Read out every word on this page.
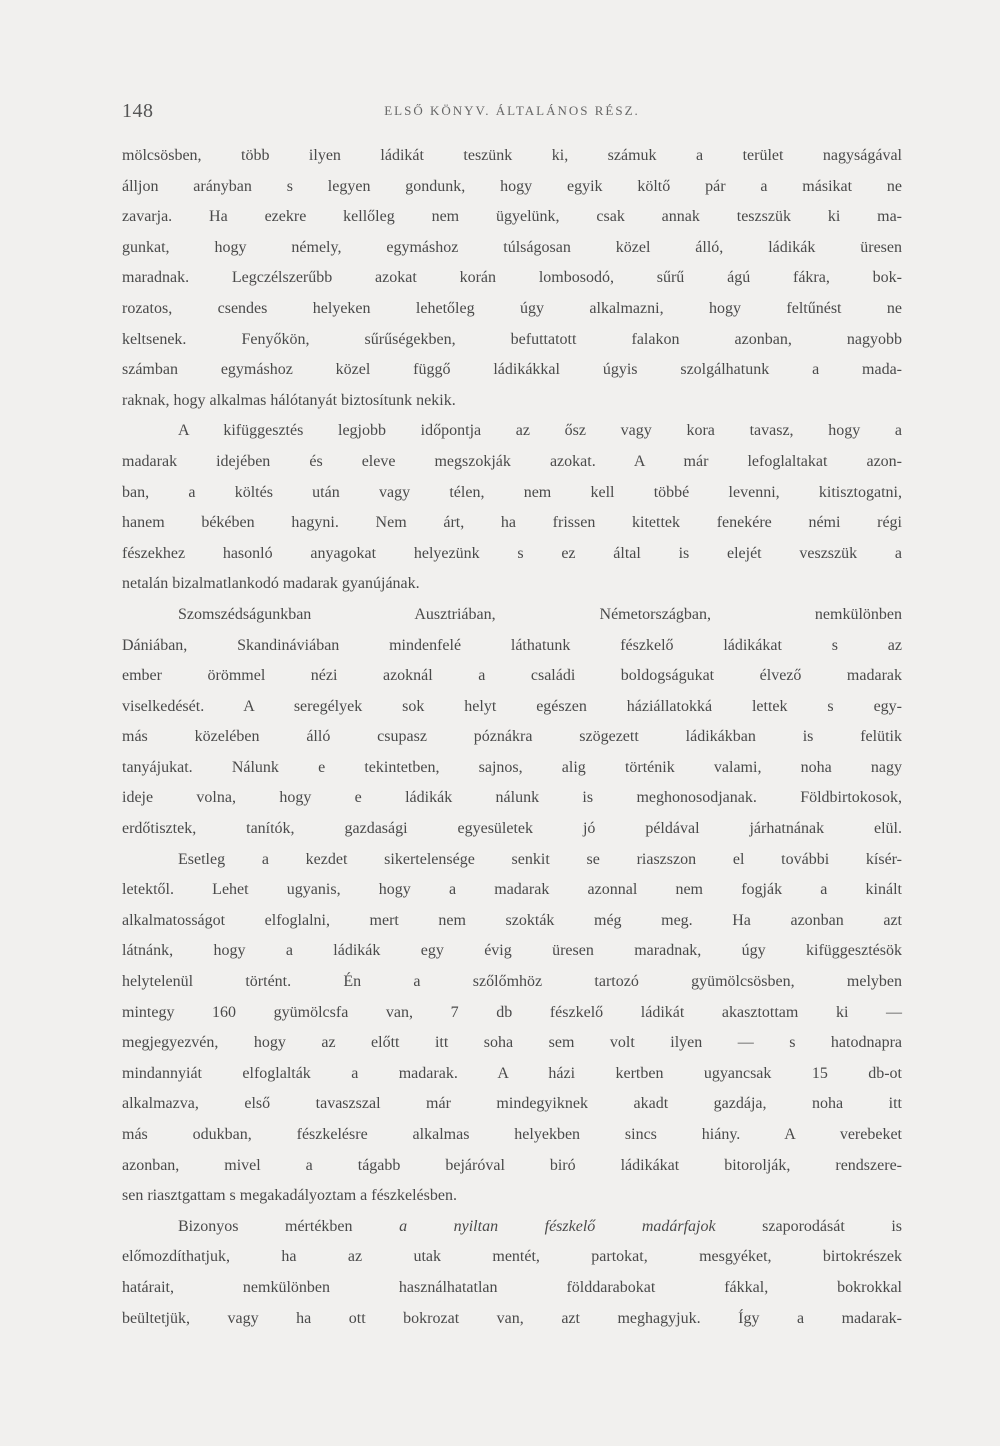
148	ELSŐ KÖNYV. ÁLTALÁNOS RÉSZ.
mölcsösben, több ilyen ládikát teszünk ki, számuk a terület nagyságával
álljon arányban s legyen gondunk, hogy egyik költő pár a másikat ne
zavarja. Ha ezekre kellőleg nem ügyelünk, csak annak teszszük ki ma-
gunkat, hogy némely, egymáshoz túlságosan közel álló, ládikák üresen
maradnak. Legczélszerűbb azokat korán lombosodó, sűrű ágú fákra, bok-
rozatos, csendes helyeken lehetőleg úgy alkalmazni, hogy feltűnést ne
keltsenek. Fenyőkön, sűrűségekben, befuttatott falakon azonban, nagyobb
számban egymáshoz közel függő ládikákkal úgyis szolgálhatunk a mada-
raknak, hogy alkalmas hálótanyát biztosítunk nekik.
A kifüggesztés legjobb időpontja az ősz vagy kora tavasz, hogy a
madarak idejében és eleve megszokják azokat. A már lefoglaltakat azon-
ban, a költés után vagy télen, nem kell többé levenni, kitisztogatni,
hanem békében hagyni. Nem árt, ha frissen kitettek fenekére némi régi
fészekhez hasonló anyagokat helyezünk s ez által is elejét veszszük a
netalán bizalmatlankodó madarak gyanújának.
Szomszédságunkban Ausztriában, Németországban, nemkülönben
Dániában, Skandináviában mindenfelé láthatunk fészkelő ládikákat s az
ember örömmel nézi azoknál a családi boldogságukat élvező madarak
viselkedését. A seregélyek sok helyt egészen háziállatokká lettek s egy-
más közelében álló csupasz póznákra szögezett ládikákban is felütik
tanyájukat. Nálunk e tekintetben, sajnos, alig történik valami, noha nagy
ideje volna, hogy e ládikák nálunk is meghonosodjanak. Földbirtokosok,
erdőtisztek, tanítók, gazdasági egyesületek jó példával járhatnának elül.
Esetleg a kezdet sikertelensége senkit se riaszszon el további kísér-
letektől. Lehet ugyanis, hogy a madarak azonnal nem fogják a kinált
alkalmatosságot elfoglalni, mert nem szokták még meg. Ha azonban azt
látnánk, hogy a ládikák egy évig üresen maradnak, úgy kifüggesztésök
helytelenül történt. Én a szőlőmhöz tartozó gyümölcsösben, melyben
mintegy 160 gyümölcsfa van, 7 db fészkelő ládikát akasztottam ki —
megjegyezvén, hogy az előtt itt soha sem volt ilyen — s hatodnapra
mindannyiát elfoglalták a madarak. A házi kertben ugyancsak 15 db-ot
alkalmazva, első tavaszszal már mindegyiknek akadt gazdája, noha itt
más odukban, fészkelésre alkalmas helyekben sincs hiány. A verebeket
azonban, mivel a tágabb bejáróval biró ládikákat bitorolják, rendszere-
sen riasztgattam s megakadályoztam a fészkelésben.
Bizonyos mértékben a nyiltan fészkelő madárfajok szaporodását is
előmozdíthatjuk, ha az utak mentét, partokat, mesgyéket, birtokrészek
határait, nemkülönben használhatatlan földdarabokat fákkal, bokrokkal
beültetjük, vagy ha ott bokrozat van, azt meghagyjuk. Így a madarak-
